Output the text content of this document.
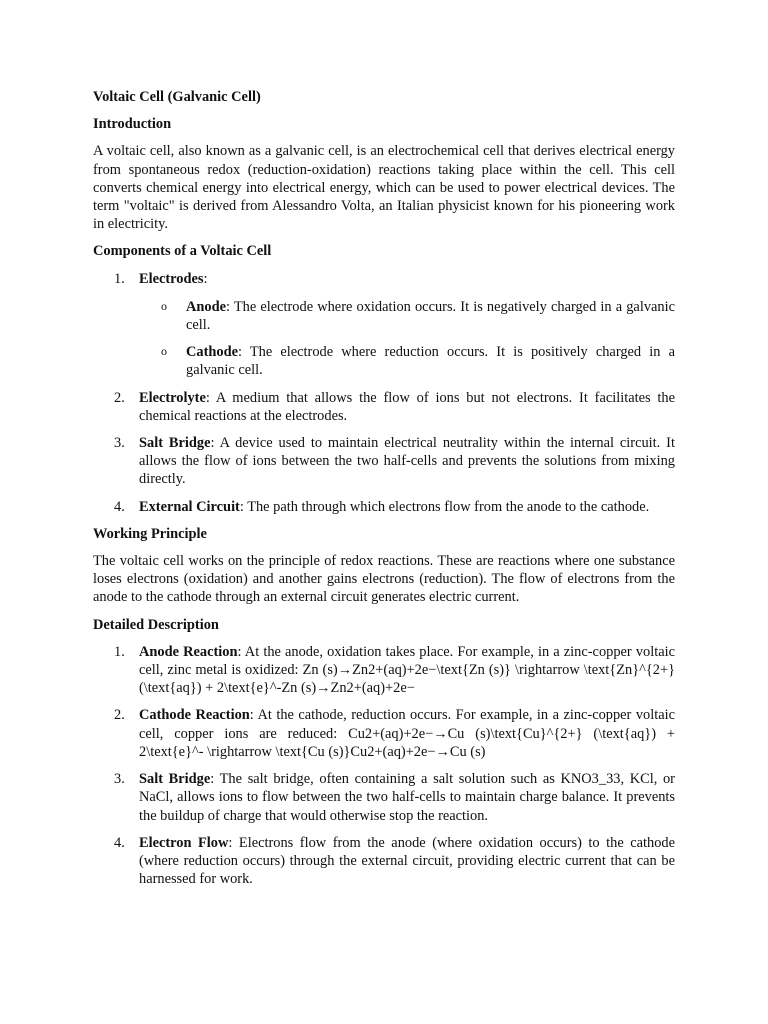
Voltaic Cell (Galvanic Cell)

Introduction

A voltaic cell, also known as a galvanic cell, is an electrochemical cell that derives electrical energy from spontaneous redox (reduction-oxidation) reactions taking place within the cell. This cell converts chemical energy into electrical energy, which can be used to power electrical devices. The term "voltaic" is derived from Alessandro Volta, an Italian physicist known for his pioneering work in electricity.

Components of a Voltaic Cell

1. Electrodes:
o Anode: The electrode where oxidation occurs. It is negatively charged in a galvanic cell.
o Cathode: The electrode where reduction occurs. It is positively charged in a galvanic cell.
2. Electrolyte: A medium that allows the flow of ions but not electrons. It facilitates the chemical reactions at the electrodes.
3. Salt Bridge: A device used to maintain electrical neutrality within the internal circuit. It allows the flow of ions between the two half-cells and prevents the solutions from mixing directly.
4. External Circuit: The path through which electrons flow from the anode to the cathode.

Working Principle

The voltaic cell works on the principle of redox reactions. These are reactions where one substance loses electrons (oxidation) and another gains electrons (reduction). The flow of electrons from the anode to the cathode through an external circuit generates electric current.

Detailed Description

1. Anode Reaction: At the anode, oxidation takes place. For example, in a zinc-copper voltaic cell, zinc metal is oxidized: Zn (s)→Zn2+(aq)+2e−\text{Zn (s)} \rightarrow \text{Zn}^{2+} (\text{aq}) + 2\text{e}^-Zn (s)→Zn2+(aq)+2e−
2. Cathode Reaction: At the cathode, reduction occurs. For example, in a zinc-copper voltaic cell, copper ions are reduced: Cu2+(aq)+2e−→Cu (s)\text{Cu}^{2+} (\text{aq}) + 2\text{e}^- \rightarrow \text{Cu (s)}Cu2+(aq)+2e−→Cu (s)
3. Salt Bridge: The salt bridge, often containing a salt solution such as KNO3_33, KCl, or NaCl, allows ions to flow between the two half-cells to maintain charge balance. It prevents the buildup of charge that would otherwise stop the reaction.
4. Electron Flow: Electrons flow from the anode (where oxidation occurs) to the cathode (where reduction occurs) through the external circuit, providing electric current that can be harnessed for work.
